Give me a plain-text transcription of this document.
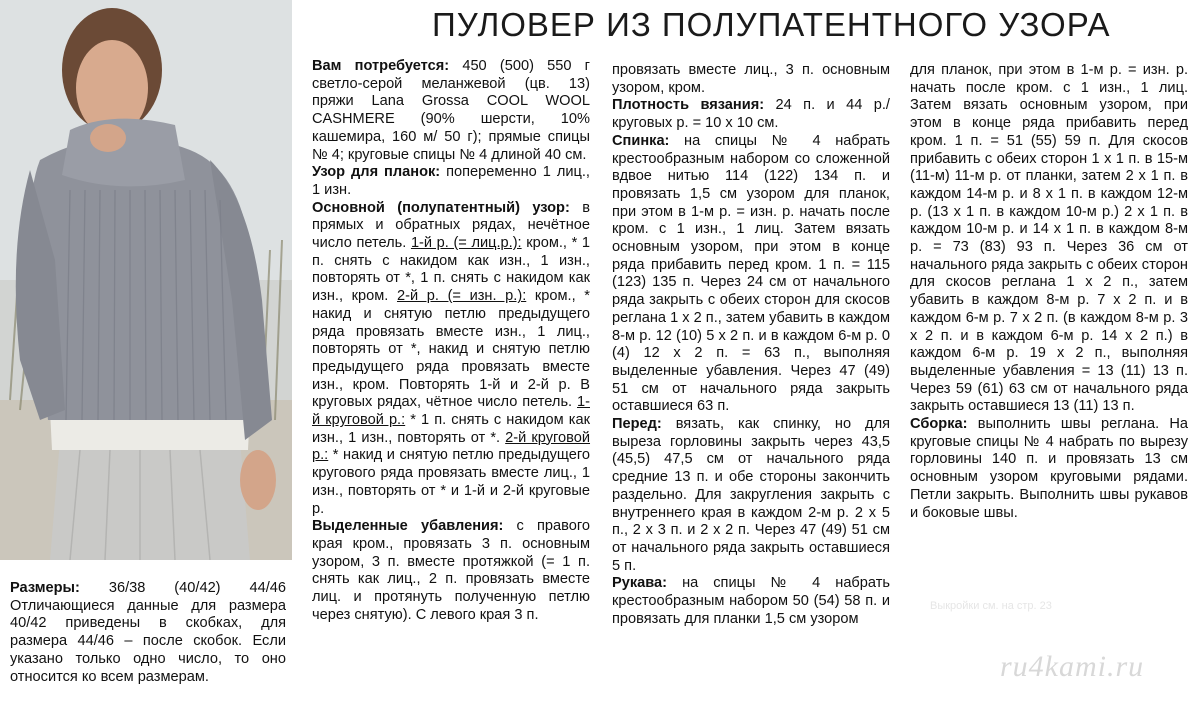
ПУЛОВЕР ИЗ ПОЛУПАТЕНТНОГО УЗОРА
Размеры: 36/38 (40/42) 44/46 Отличающиеся данные для размера 40/42 приведены в скобках, для размера 44/46 – после скобок. Если указано только одно число, то оно относится ко всем размерам.

Вам потребуется: 450 (500) 550 г светло-серой меланжевой (цв. 13) пряжи Lana Grossa COOL WOOL CASHMERE (90% шерсти, 10% кашемира, 160 м/ 50 г); прямые спицы № 4; круговые спицы № 4 длиной 40 см.

Узор для планок: попеременно 1 лиц., 1 изн.

Основной (полупатентный) узор: в прямых и обратных рядах, нечётное число петель. 1-й р. (= лиц.р.): кром., * 1 п. снять с накидом как изн., 1 изн., повторять от *, 1 п. снять с накидом как изн., кром. 2-й р. (= изн. р.): кром., * накид и снятую петлю предыдущего ряда провязать вместе изн., 1 лиц., повторять от *, накид и снятую петлю предыдущего ряда провязать вместе изн., кром. Повторять 1-й и 2-й р. В круговых рядах, чётное число петель. 1-й круговой р.: * 1 п. снять с накидом как изн., 1 изн., повторять от *. 2-й круговой р.: * накид и снятую петлю предыдущего кругового ряда провязать вместе лиц., 1 изн., повторять от * и 1-й и 2-й круговые р.

Выделенные убавления: с правого края кром., провязать 3 п. основным узором, 3 п. вместе протяжкой (= 1 п. снять как лиц., 2 п. провязать вместе лиц. и протянуть полученную петлю через снятую). С левого края 3 п.

провязать вместе лиц., 3 п. основным узором, кром.

Плотность вязания: 24 п. и 44 р./круговых р. = 10 х 10 см.

Спинка: на спицы № 4 набрать крестообразным набором со сложенной вдвое нитью 114 (122) 134 п. и провязать 1,5 см узором для планок, при этом в 1-м р. = изн. р. начать после кром. с 1 изн., 1 лиц. Затем вязать основным узором, при этом в конце ряда прибавить перед кром. 1 п. = 115 (123) 135 п. Через 24 см от начального ряда закрыть с обеих сторон для скосов реглана 1 х 2 п., затем убавить в каждом 8-м р. 12 (10) 5 х 2 п. и в каждом 6-м р. 0 (4) 12 х 2 п. = 63 п., выполняя выделенные убавления. Через 47 (49) 51 см от начального ряда закрыть оставшиеся 63 п.

Перед: вязать, как спинку, но для выреза горловины закрыть через 43,5 (45,5) 47,5 см от начального ряда средние 13 п. и обе стороны закончить раздельно. Для закругления закрыть с внутреннего края в каждом 2-м р. 2 х 5 п., 2 х 3 п. и 2 х 2 п. Через 47 (49) 51 см от начального ряда закрыть оставшиеся 5 п.

Рукава: на спицы № 4 набрать крестообразным набором 50 (54) 58 п. и провязать для планки 1,5 см узором

для планок, при этом в 1-м р. = изн. р. начать после кром. с 1 изн., 1 лиц. Затем вязать основным узором, при этом в конце ряда прибавить перед кром. 1 п. = 51 (55) 59 п. Для скосов прибавить с обеих сторон 1 х 1 п. в 15-м (11-м) 11-м р. от планки, затем 2 х 1 п. в каждом 14-м р. и 8 х 1 п. в каждом 12-м р. (13 х 1 п. в каждом 10-м р.) 2 х 1 п. в каждом 10-м р. и 14 х 1 п. в каждом 8-м р. = 73 (83) 93 п. Через 36 см от начального ряда закрыть с обеих сторон для скосов реглана 1 х 2 п., затем убавить в каждом 8-м р. 7 х 2 п. и в каждом 6-м р. 7 х 2 п. (в каждом 8-м р. 3 х 2 п. и в каждом 6-м р. 14 х 2 п.) в каждом 6-м р. 19 х 2 п., выполняя выделенные убавления = 13 (11) 13 п. Через 59 (61) 63 см от начального ряда закрыть оставшиеся 13 (11) 13 п.

Сборка: выполнить швы реглана. На круговые спицы № 4 набрать по вырезу горловины 140 п. и провязать 13 см основным узором круговыми рядами. Петли закрыть. Выполнить швы рукавов и боковые швы.

Выкройки см. на стр. 23
ru4kami.ru
